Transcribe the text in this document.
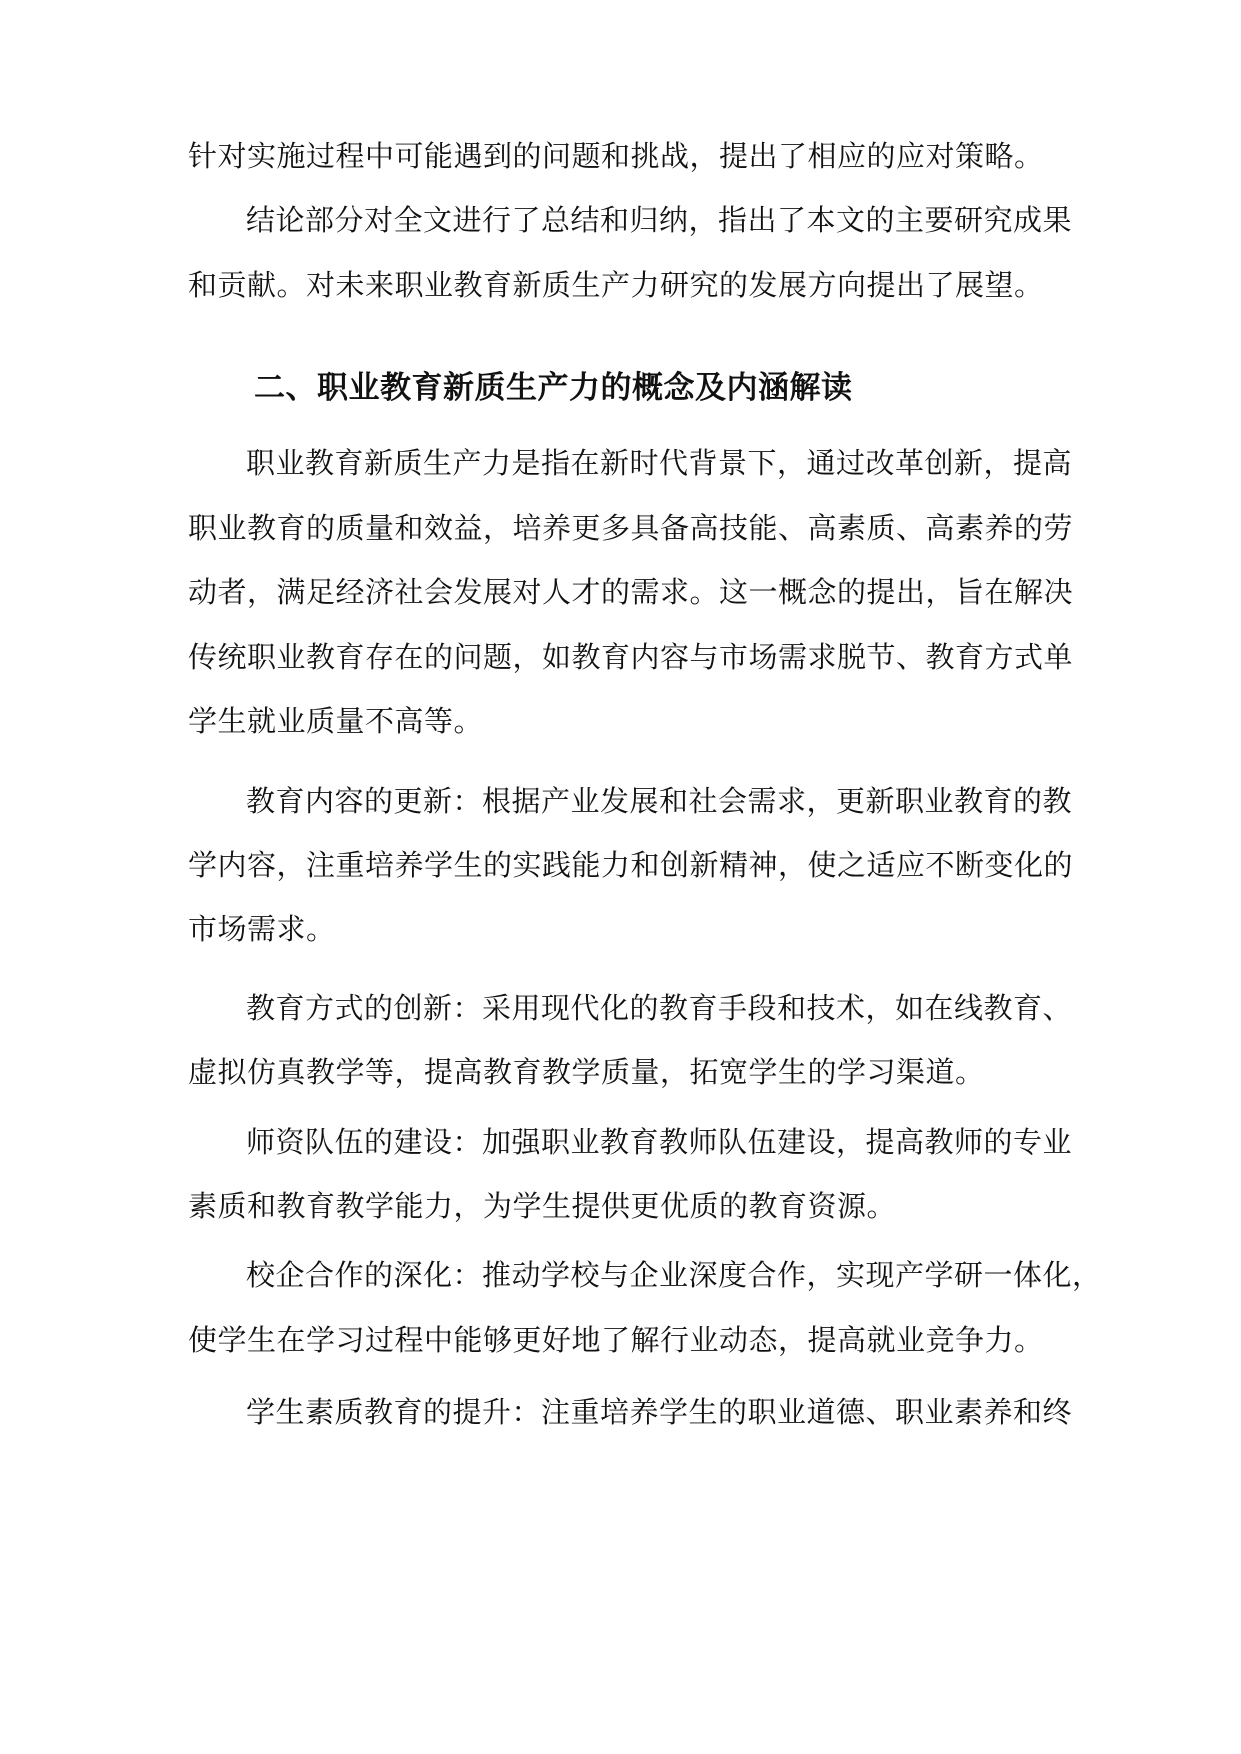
针对实施过程中可能遇到的问题和挑战，提出了相应的应对策略。
结论部分对全文进行了总结和归纳，指出了本文的主要研究成果
和贡献。对未来职业教育新质生产力研究的发展方向提出了展望。
二、职业教育新质生产力的概念及内涵解读
职业教育新质生产力是指在新时代背景下，通过改革创新，提高
职业教育的质量和效益，培养更多具备高技能、高素质、高素养的劳
动者，满足经济社会发展对人才的需求。这一概念的提出，旨在解决
传统职业教育存在的问题，如教育内容与市场需求脱节、教育方式单
学生就业质量不高等。
教育内容的更新：根据产业发展和社会需求，更新职业教育的教
学内容，注重培养学生的实践能力和创新精神，使之适应不断变化的
市场需求。
教育方式的创新：采用现代化的教育手段和技术，如在线教育、
虚拟仿真教学等，提高教育教学质量，拓宽学生的学习渠道。
师资队伍的建设：加强职业教育教师队伍建设，提高教师的专业
素质和教育教学能力，为学生提供更优质的教育资源。
校企合作的深化：推动学校与企业深度合作，实现产学研一体化，
使学生在学习过程中能够更好地了解行业动态，提高就业竞争力。
学生素质教育的提升：注重培养学生的职业道德、职业素养和终
